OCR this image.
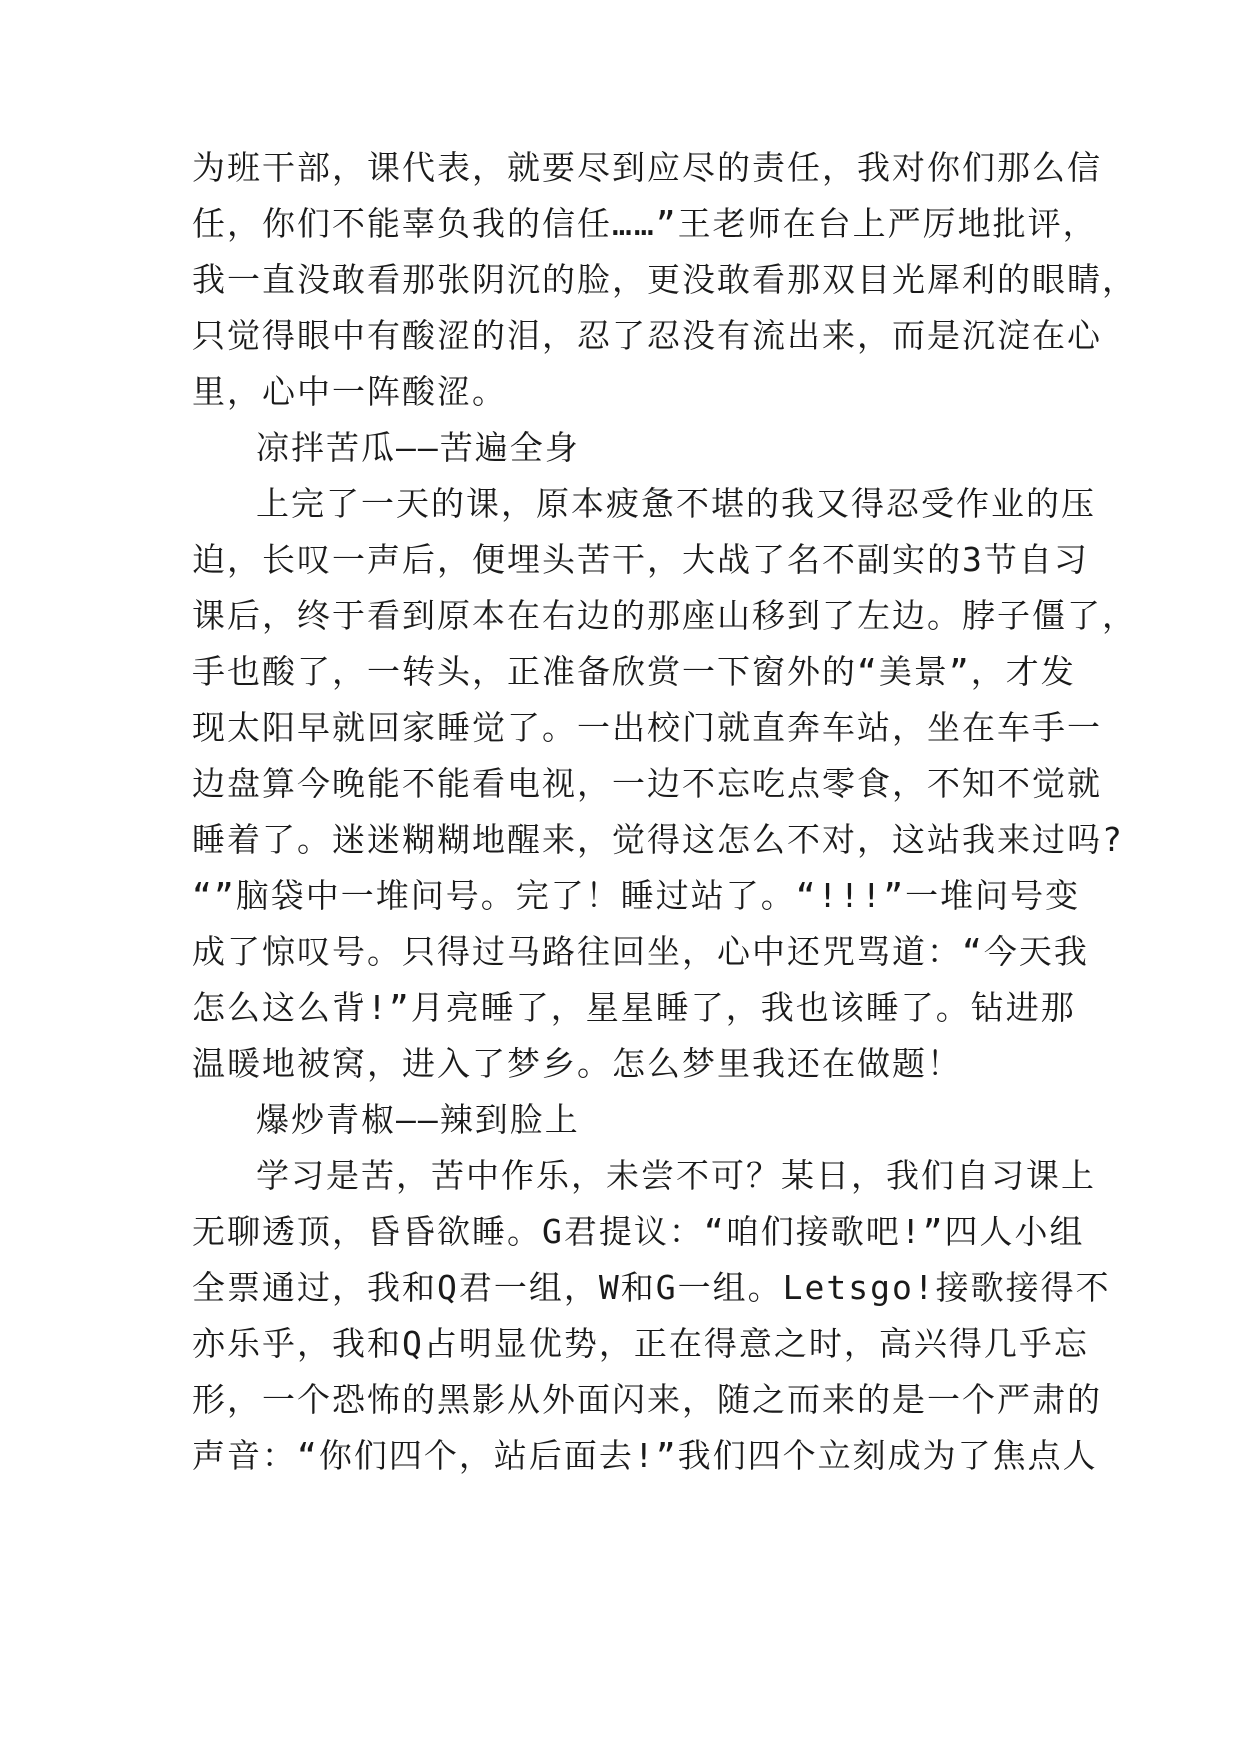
为班干部，课代表，就要尽到应尽的责任，我对你们那么信
任，你们不能辜负我的信任……”王老师在台上严厉地批评，
我一直没敢看那张阴沉的脸，更没敢看那双目光犀利的眼睛，
只觉得眼中有酸涩的泪，忍了忍没有流出来，而是沉淀在心
里，心中一阵酸涩。
凉拌苦瓜——苦遍全身
上完了一天的课，原本疲惫不堪的我又得忍受作业的压
迫，长叹一声后，便埋头苦干，大战了名不副实的3节自习
课后，终于看到原本在右边的那座山移到了左边。脖子僵了，
手也酸了，一转头，正准备欣赏一下窗外的“美景”，才发
现太阳早就回家睡觉了。一出校门就直奔车站，坐在车手一
边盘算今晚能不能看电视，一边不忘吃点零食，不知不觉就
睡着了。迷迷糊糊地醒来，觉得这怎么不对，这站我来过吗?
“”脑袋中一堆问号。完了！睡过站了。“!!!”一堆问号变
成了惊叹号。只得过马路往回坐，心中还咒骂道：“今天我
怎么这么背!”月亮睡了，星星睡了，我也该睡了。钻进那
温暖地被窝，进入了梦乡。怎么梦里我还在做题！
爆炒青椒——辣到脸上
学习是苦，苦中作乐，未尝不可？某日，我们自习课上
无聊透顶，昏昏欲睡。G君提议：“咱们接歌吧!”四人小组
全票通过，我和Q君一组，W和G一组。Letsgo!接歌接得不
亦乐乎，我和Q占明显优势，正在得意之时，高兴得几乎忘
形，一个恐怖的黑影从外面闪来，随之而来的是一个严肃的
声音：“你们四个，站后面去!”我们四个立刻成为了焦点人
